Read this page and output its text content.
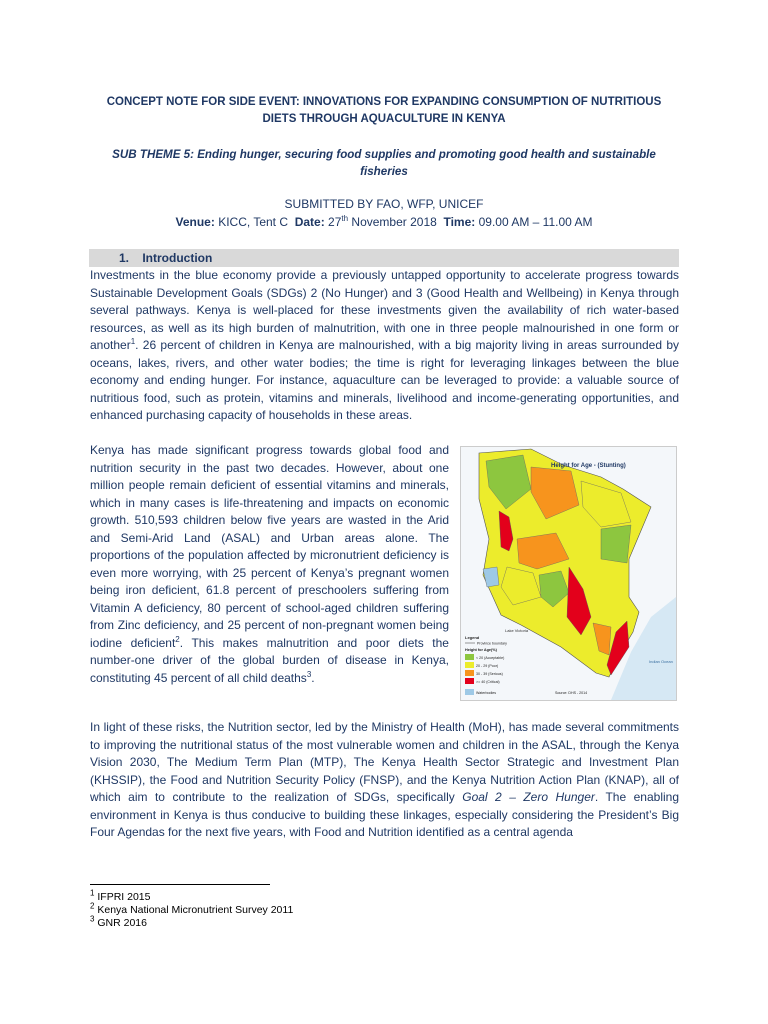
CONCEPT NOTE FOR SIDE EVENT: INNOVATIONS FOR EXPANDING CONSUMPTION OF NUTRITIOUS DIETS THROUGH AQUACULTURE IN KENYA
SUB THEME 5: Ending hunger, securing food supplies and promoting good health and sustainable fisheries
SUBMITTED BY FAO, WFP, UNICEF
Venue: KICC, Tent C Date: 27th November 2018 Time: 09.00 AM – 11.00 AM
1.    Introduction
Investments in the blue economy provide a previously untapped opportunity to accelerate progress towards Sustainable Development Goals (SDGs) 2 (No Hunger) and 3 (Good Health and Wellbeing) in Kenya through several pathways. Kenya is well-placed for these investments given the availability of rich water-based resources, as well as its high burden of malnutrition, with one in three people malnourished in one form or another$^1$. 26 percent of children in Kenya are malnourished, with a big majority living in areas surrounded by oceans, lakes, rivers, and other water bodies; the time is right for leveraging linkages between the blue economy and ending hunger. For instance, aquaculture can be leveraged to provide: a valuable source of nutritious food, such as protein, vitamins and minerals, livelihood and income-generating opportunities, and enhanced purchasing capacity of households in these areas.
Kenya has made significant progress towards global food and nutrition security in the past two decades. However, about one million people remain deficient of essential vitamins and minerals, which in many cases is life-threatening and impacts on economic growth. 510,593 children below five years are wasted in the Arid and Semi-Arid Land (ASAL) and Urban areas alone. The proportions of the population affected by micronutrient deficiency is even more worrying, with 25 percent of Kenya’s pregnant women being iron deficient, 61.8 percent of preschoolers suffering from Vitamin A deficiency, 80 percent of school-aged children suffering from Zinc deficiency, and 25 percent of non-pregnant women being iodine deficient$^2$. This makes malnutrition and poor diets the number-one driver of the global burden of disease in Kenya, constituting 45 percent of all child deaths$^3$.
Lake Victoria
Indian Ocean
Height for Age - (Stunting)
Legend
Province boundary
Height for Age(%)
< 20 (Acceptable)
20 - 29 (Poor)
30 - 39 (Serious)
>= 40 (Critical)
Waterbodies	Source: DHS - 2014
In light of these risks, the Nutrition sector, led by the Ministry of Health (MoH), has made several commitments to improving the nutritional status of the most vulnerable women and children in the ASAL, through the Kenya Vision 2030, The Medium Term Plan (MTP), The Kenya Health Sector Strategic and Investment Plan (KHSSIP), the Food and Nutrition Security Policy (FNSP), and the Kenya Nutrition Action Plan (KNAP), all of which aim to contribute to the realization of SDGs, specifically Goal 2 – Zero Hunger. The enabling environment in Kenya is thus conducive to building these linkages, especially considering the President’s Big Four Agendas for the next five years, with Food and Nutrition identified as a central agenda
$^1$ IFPRI 2015
$^2$ Kenya National Micronutrient Survey 2011
$^3$ GNR 2016
